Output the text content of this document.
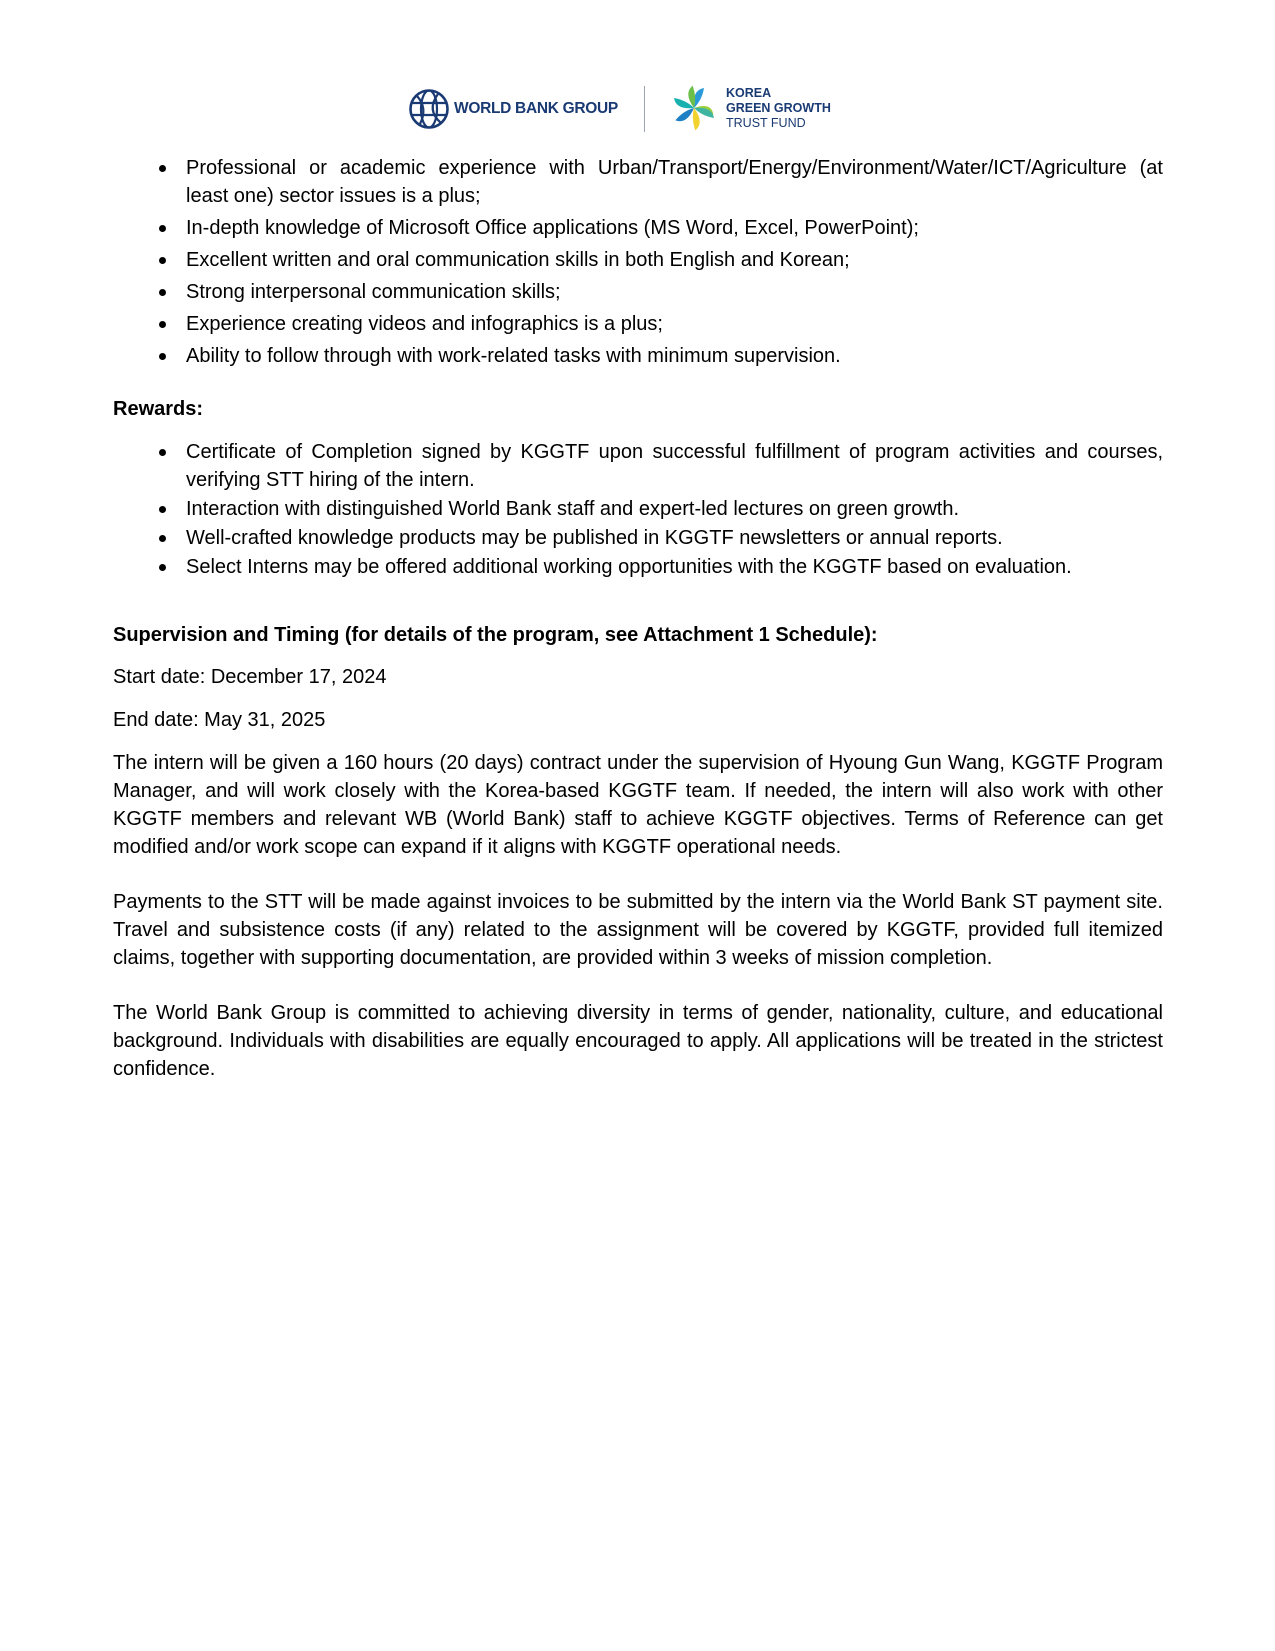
WORLD BANK GROUP
KOREA
GREEN GROWTH
TRUST FUND
Professional or academic experience with Urban/Transport/Energy/Environment/Water/ICT/Agriculture (at least one) sector issues is a plus;
In-depth knowledge of Microsoft Office applications (MS Word, Excel, PowerPoint);
Excellent written and oral communication skills in both English and Korean;
Strong interpersonal communication skills;
Experience creating videos and infographics is a plus;
Ability to follow through with work-related tasks with minimum supervision.

Rewards:

Certificate of Completion signed by KGGTF upon successful fulfillment of program activities and courses, verifying STT hiring of the intern.
Interaction with distinguished World Bank staff and expert-led lectures on green growth.
Well-crafted knowledge products may be published in KGGTF newsletters or annual reports.
Select Interns may be offered additional working opportunities with the KGGTF based on evaluation.

Supervision and Timing (for details of the program, see Attachment 1 Schedule):

Start date: December 17, 2024

End date: May 31, 2025

The intern will be given a 160 hours (20 days) contract under the supervision of Hyoung Gun Wang, KGGTF Program Manager, and will work closely with the Korea-based KGGTF team. If needed, the intern will also work with other KGGTF members and relevant WB (World Bank) staff to achieve KGGTF objectives. Terms of Reference can get modified and/or work scope can expand if it aligns with KGGTF operational needs.

Payments to the STT will be made against invoices to be submitted by the intern via the World Bank ST payment site. Travel and subsistence costs (if any) related to the assignment will be covered by KGGTF, provided full itemized claims, together with supporting documentation, are provided within 3 weeks of mission completion.

The World Bank Group is committed to achieving diversity in terms of gender, nationality, culture, and educational background. Individuals with disabilities are equally encouraged to apply. All applications will be treated in the strictest confidence.
